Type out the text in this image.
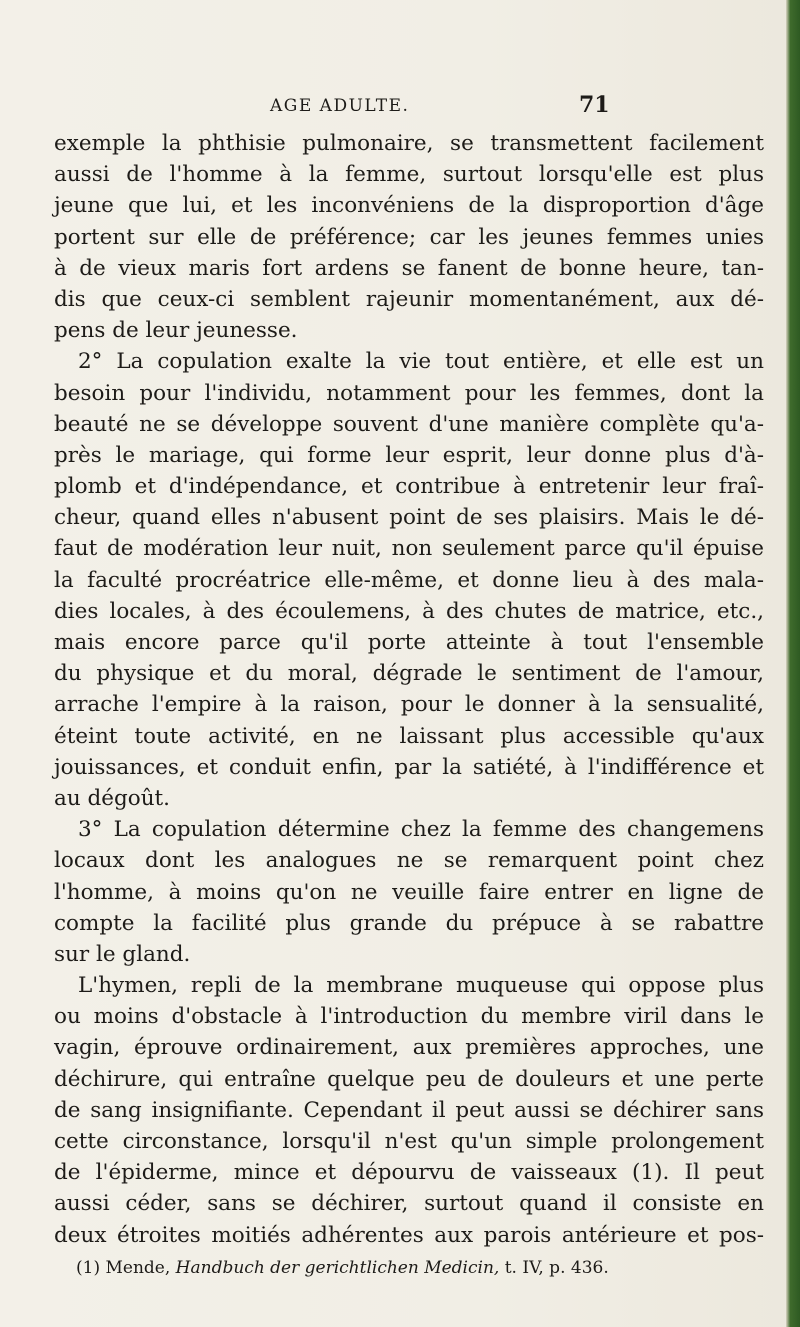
AGE ADULTE.	71
exemple la phthisie pulmonaire, se transmettent facilement
aussi de l'homme à la femme, surtout lorsqu'elle est plus
jeune que lui, et les inconvéniens de la disproportion d'âge
portent sur elle de préférence; car les jeunes femmes unies
à de vieux maris fort ardens se fanent de bonne heure, tan-
dis que ceux-ci semblent rajeunir momentanément, aux dé-
pens de leur jeunesse.
2° La copulation exalte la vie tout entière, et elle est un
besoin pour l'individu, notamment pour les femmes, dont la
beauté ne se développe souvent d'une manière complète qu'a-
près le mariage, qui forme leur esprit, leur donne plus d'à-
plomb et d'indépendance, et contribue à entretenir leur fraî-
cheur, quand elles n'abusent point de ses plaisirs. Mais le dé-
faut de modération leur nuit, non seulement parce qu'il épuise
la faculté procréatrice elle-même, et donne lieu à des mala-
dies locales, à des écoulemens, à des chutes de matrice, etc.,
mais encore parce qu'il porte atteinte à tout l'ensemble
du physique et du moral, dégrade le sentiment de l'amour,
arrache l'empire à la raison, pour le donner à la sensualité,
éteint toute activité, en ne laissant plus accessible qu'aux
jouissances, et conduit enfin, par la satiété, à l'indifférence et
au dégoût.
3° La copulation détermine chez la femme des changemens
locaux dont les analogues ne se remarquent point chez
l'homme, à moins qu'on ne veuille faire entrer en ligne de
compte la facilité plus grande du prépuce à se rabattre
sur le gland.
L'hymen, repli de la membrane muqueuse qui oppose plus
ou moins d'obstacle à l'introduction du membre viril dans le
vagin, éprouve ordinairement, aux premières approches, une
déchirure, qui entraîne quelque peu de douleurs et une perte
de sang insignifiante. Cependant il peut aussi se déchirer sans
cette circonstance, lorsqu'il n'est qu'un simple prolongement
de l'épiderme, mince et dépourvu de vaisseaux (1). Il peut
aussi céder, sans se déchirer, surtout quand il consiste en
deux étroites moitiés adhérentes aux parois antérieure et pos-
(1) Mende, Handbuch der gerichtlichen Medicin, t. IV, p. 436.
